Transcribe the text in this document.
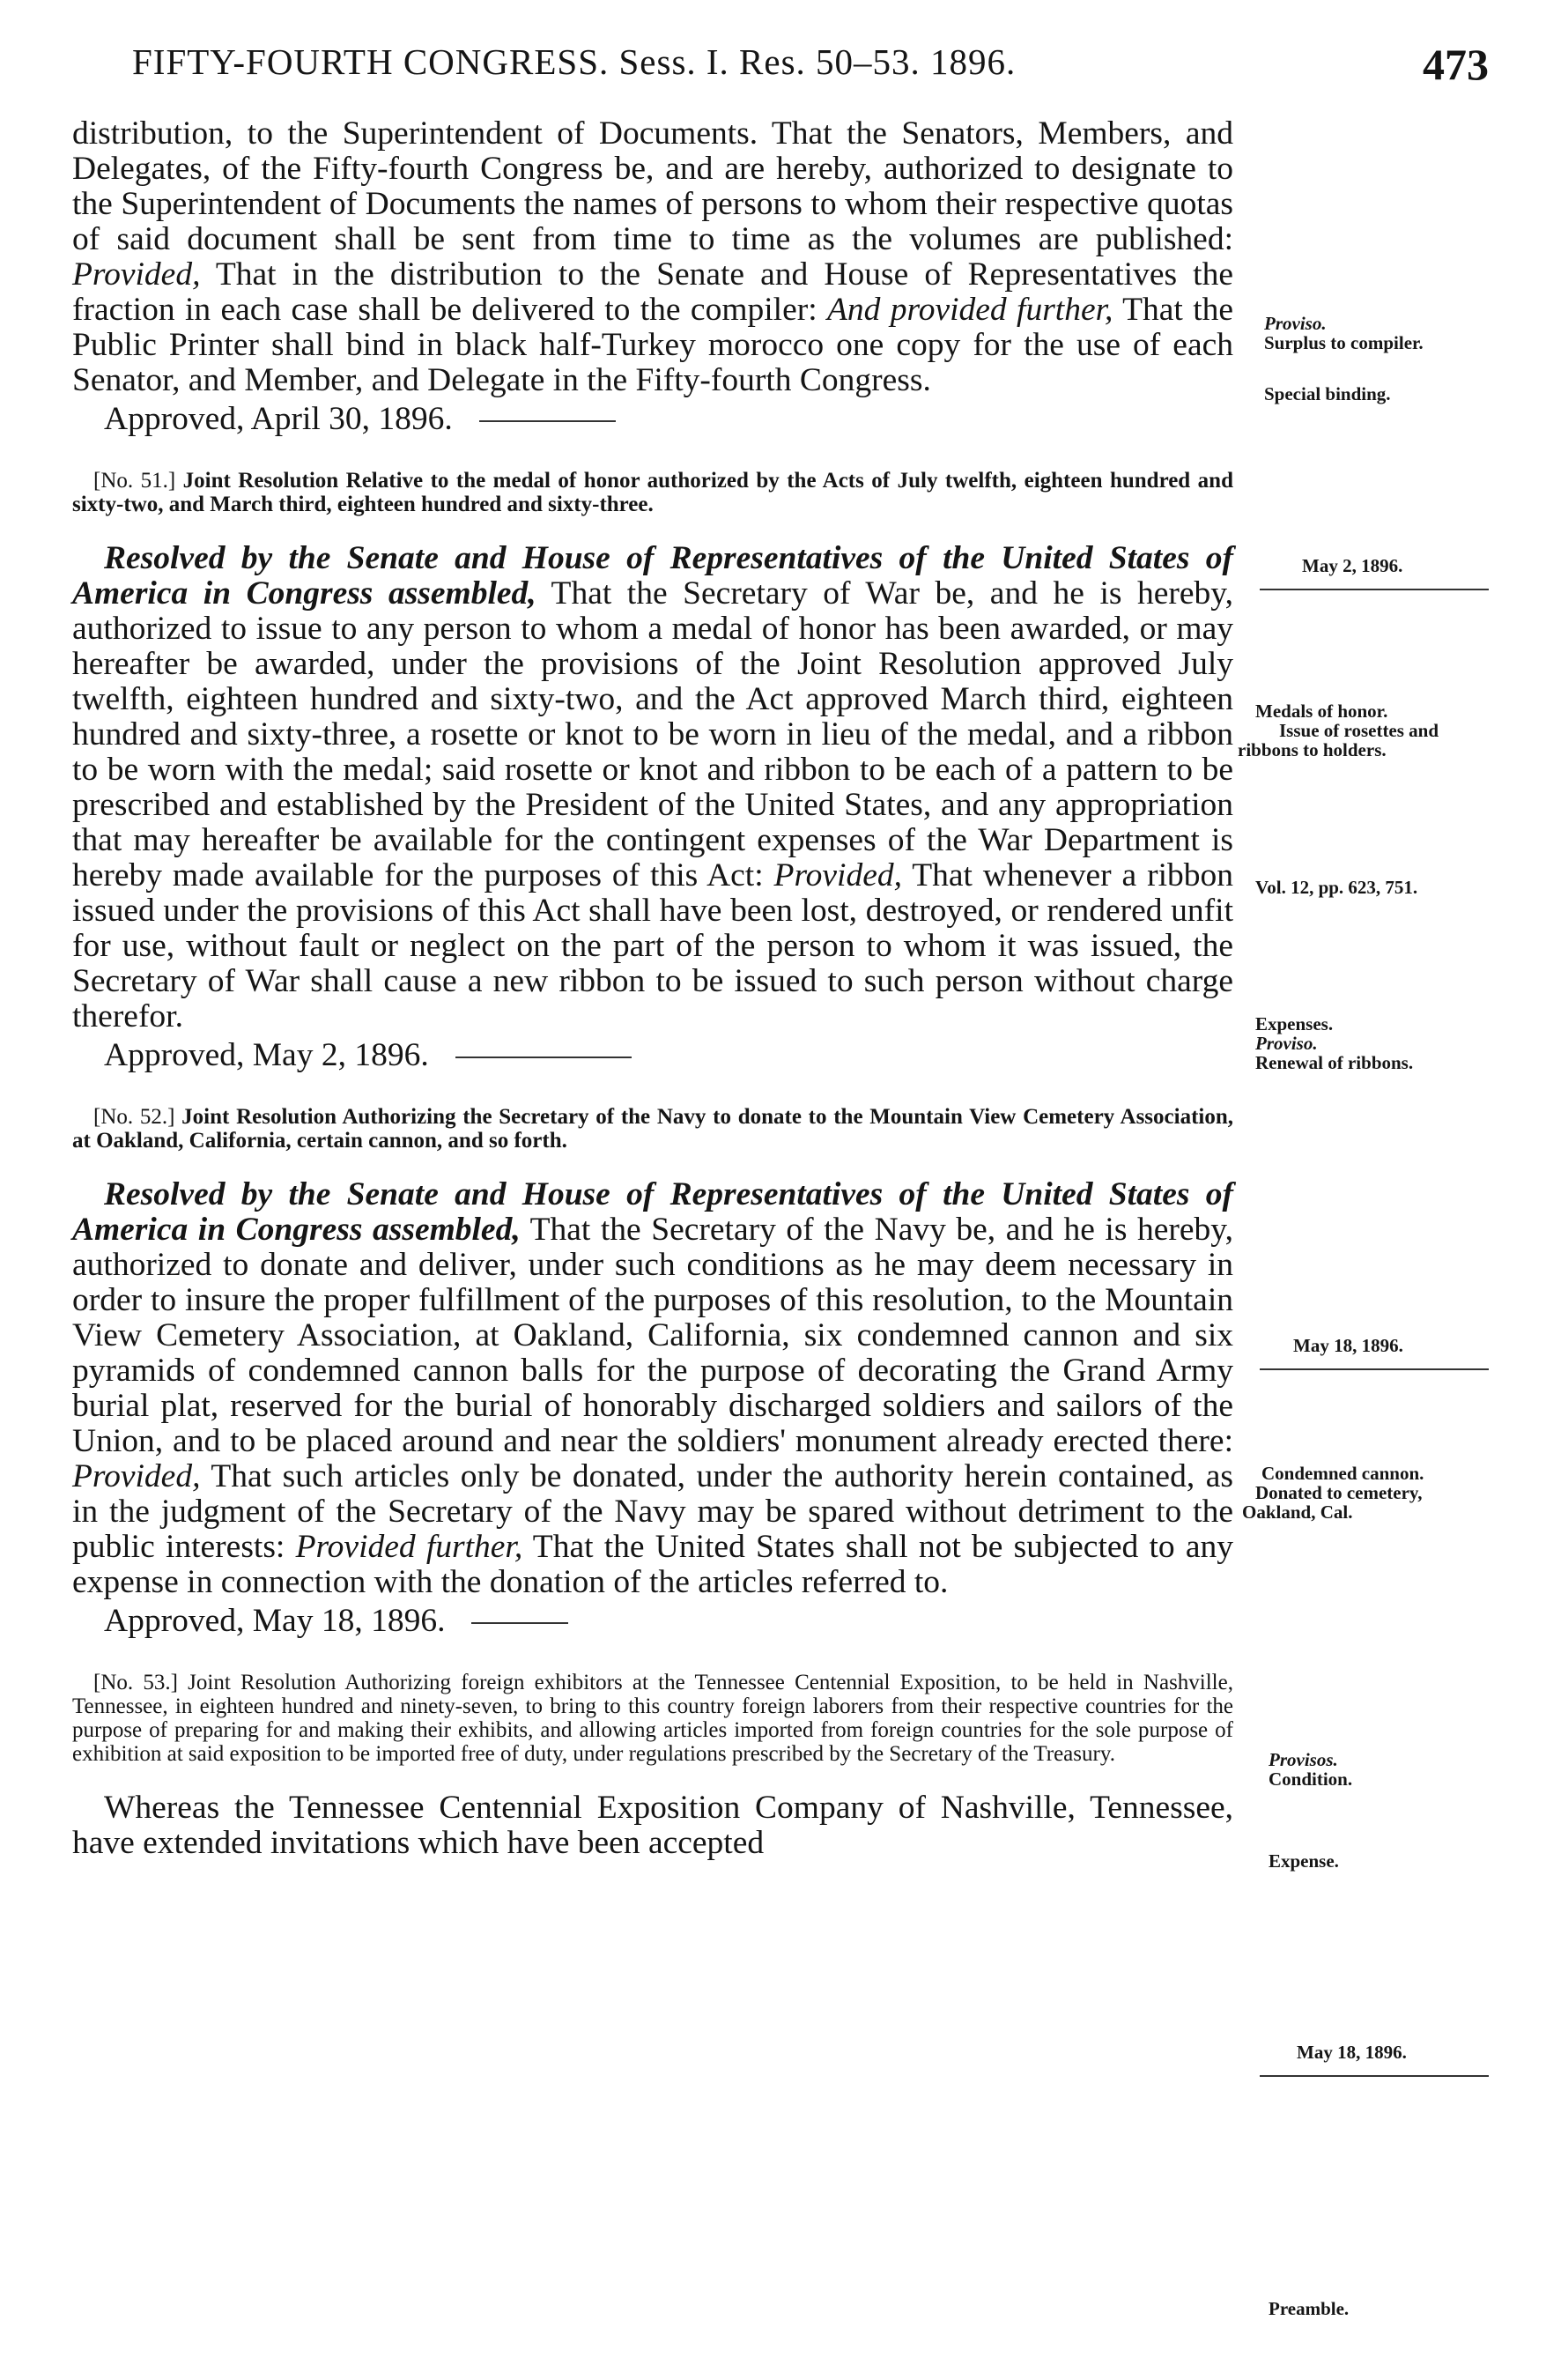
FIFTY-FOURTH CONGRESS. Sess. I. Res. 50–53. 1896.	473
Proviso.
Surplus to compiler.
Special binding.
May 2, 1896.
Medals of honor.
Issue of rosettes and
ribbons to holders.
Vol. 12, pp. 623, 751.
Expenses.
Proviso.
Renewal of ribbons.
May 18, 1896.
Condemned cannon.
Donated to cemetery,
Oakland, Cal.
Provisos.
Condition.
Expense.
May 18, 1896.
Preamble.

distribution, to the Superintendent of Documents. That the Senators, Members, and Delegates, of the Fifty-fourth Congress be, and are hereby, authorized to designate to the Superintendent of Documents the names of persons to whom their respective quotas of said document shall be sent from time to time as the volumes are published: Provided, That in the distribution to the Senate and House of Representatives the fraction in each case shall be delivered to the compiler: And provided further, That the Public Printer shall bind in black half-Turkey morocco one copy for the use of each Senator, and Member, and Delegate in the Fifty-fourth Congress.

Approved, April 30, 1896.

[No. 51.] Joint Resolution Relative to the medal of honor authorized by the Acts of July twelfth, eighteen hundred and sixty-two, and March third, eighteen hundred and sixty-three.

Resolved by the Senate and House of Representatives of the United States of America in Congress assembled, That the Secretary of War be, and he is hereby, authorized to issue to any person to whom a medal of honor has been awarded, or may hereafter be awarded, under the provisions of the Joint Resolution approved July twelfth, eighteen hundred and sixty-two, and the Act approved March third, eighteen hundred and sixty-three, a rosette or knot to be worn in lieu of the medal, and a ribbon to be worn with the medal; said rosette or knot and ribbon to be each of a pattern to be prescribed and established by the President of the United States, and any appropriation that may hereafter be available for the contingent expenses of the War Department is hereby made available for the purposes of this Act: Provided, That whenever a ribbon issued under the provisions of this Act shall have been lost, destroyed, or rendered unfit for use, without fault or neglect on the part of the person to whom it was issued, the Secretary of War shall cause a new ribbon to be issued to such person without charge therefor.

Approved, May 2, 1896.

[No. 52.] Joint Resolution Authorizing the Secretary of the Navy to donate to the Mountain View Cemetery Association, at Oakland, California, certain cannon, and so forth.

Resolved by the Senate and House of Representatives of the United States of America in Congress assembled, That the Secretary of the Navy be, and he is hereby, authorized to donate and deliver, under such conditions as he may deem necessary in order to insure the proper fulfillment of the purposes of this resolution, to the Mountain View Cemetery Association, at Oakland, California, six condemned cannon and six pyramids of condemned cannon balls for the purpose of decorating the Grand Army burial plat, reserved for the burial of honorably discharged soldiers and sailors of the Union, and to be placed around and near the soldiers' monument already erected there: Provided, That such articles only be donated, under the authority herein contained, as in the judgment of the Secretary of the Navy may be spared without detriment to the public interests: Provided further, That the United States shall not be subjected to any expense in connection with the donation of the articles referred to.

Approved, May 18, 1896.

[No. 53.] Joint Resolution Authorizing foreign exhibitors at the Tennessee Centennial Exposition, to be held in Nashville, Tennessee, in eighteen hundred and ninety-seven, to bring to this country foreign laborers from their respective countries for the purpose of preparing for and making their exhibits, and allowing articles imported from foreign countries for the sole purpose of exhibition at said exposition to be imported free of duty, under regulations prescribed by the Secretary of the Treasury.

Whereas the Tennessee Centennial Exposition Company of Nashville, Tennessee, have extended invitations which have been accepted
